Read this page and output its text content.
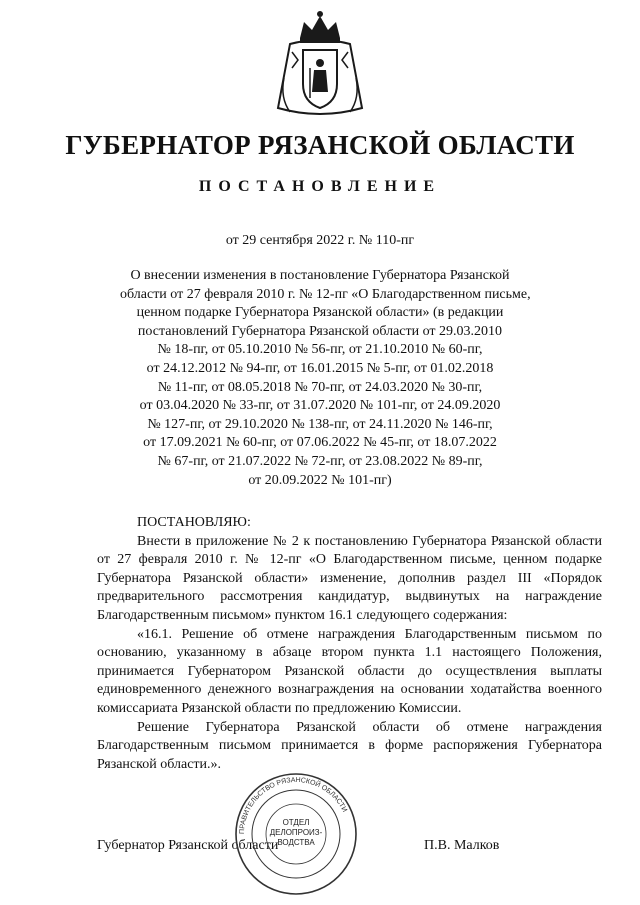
ГУБЕРНАТОР РЯЗАНСКОЙ ОБЛАСТИ
ПОСТАНОВЛЕНИЕ
от 29 сентября 2022 г. № 110-пг
О внесении изменения в постановление Губернатора Рязанской
области от 27 февраля 2010 г. № 12-пг «О Благодарственном письме,
ценном подарке Губернатора Рязанской области» (в редакции
постановлений Губернатора Рязанской области от 29.03.2010
№ 18-пг, от 05.10.2010 № 56-пг, от 21.10.2010 № 60-пг,
от 24.12.2012 № 94-пг, от 16.01.2015 № 5-пг, от 01.02.2018
№ 11-пг, от 08.05.2018 № 70-пг, от 24.03.2020 № 30-пг,
от 03.04.2020 № 33-пг, от 31.07.2020 № 101-пг, от 24.09.2020
№ 127-пг, от 29.10.2020 № 138-пг, от 24.11.2020 № 146-пг,
от 17.09.2021 № 60-пг, от 07.06.2022 № 45-пг, от 18.07.2022
№ 67-пг, от 21.07.2022 № 72-пг, от 23.08.2022 № 89-пг,
от 20.09.2022 № 101-пг)

ПОСТАНОВЛЯЮ:

Внести в приложение № 2 к постановлению Губернатора Рязанской области от 27 февраля 2010 г. № 12-пг «О Благодарственном письме, ценном подарке Губернатора Рязанской области» изменение, дополнив раздел III «Порядок предварительного рассмотрения кандидатур, выдвинутых на награждение Благодарственным письмом» пунктом 16.1 следующего содержания:

«16.1. Решение об отмене награждения Благодарственным письмом по основанию, указанному в абзаце втором пункта 1.1 настоящего Положения, принимается Губернатором Рязанской области до осуществления выплаты единовременного денежного вознаграждения на основании ходатайства военного комиссариата Рязанской области по предложению Комиссии.

Решение Губернатора Рязанской области об отмене награждения Благодарственным письмом принимается в форме распоряжения Губернатора Рязанской области.».

Губернатор Рязанской области	П.В. Малков
ПРАВИТЕЛЬСТВО РЯЗАНСКОЙ ОБЛАСТИ
ОТДЕЛ ДЕЛОПРОИЗ- ВОДСТВА
